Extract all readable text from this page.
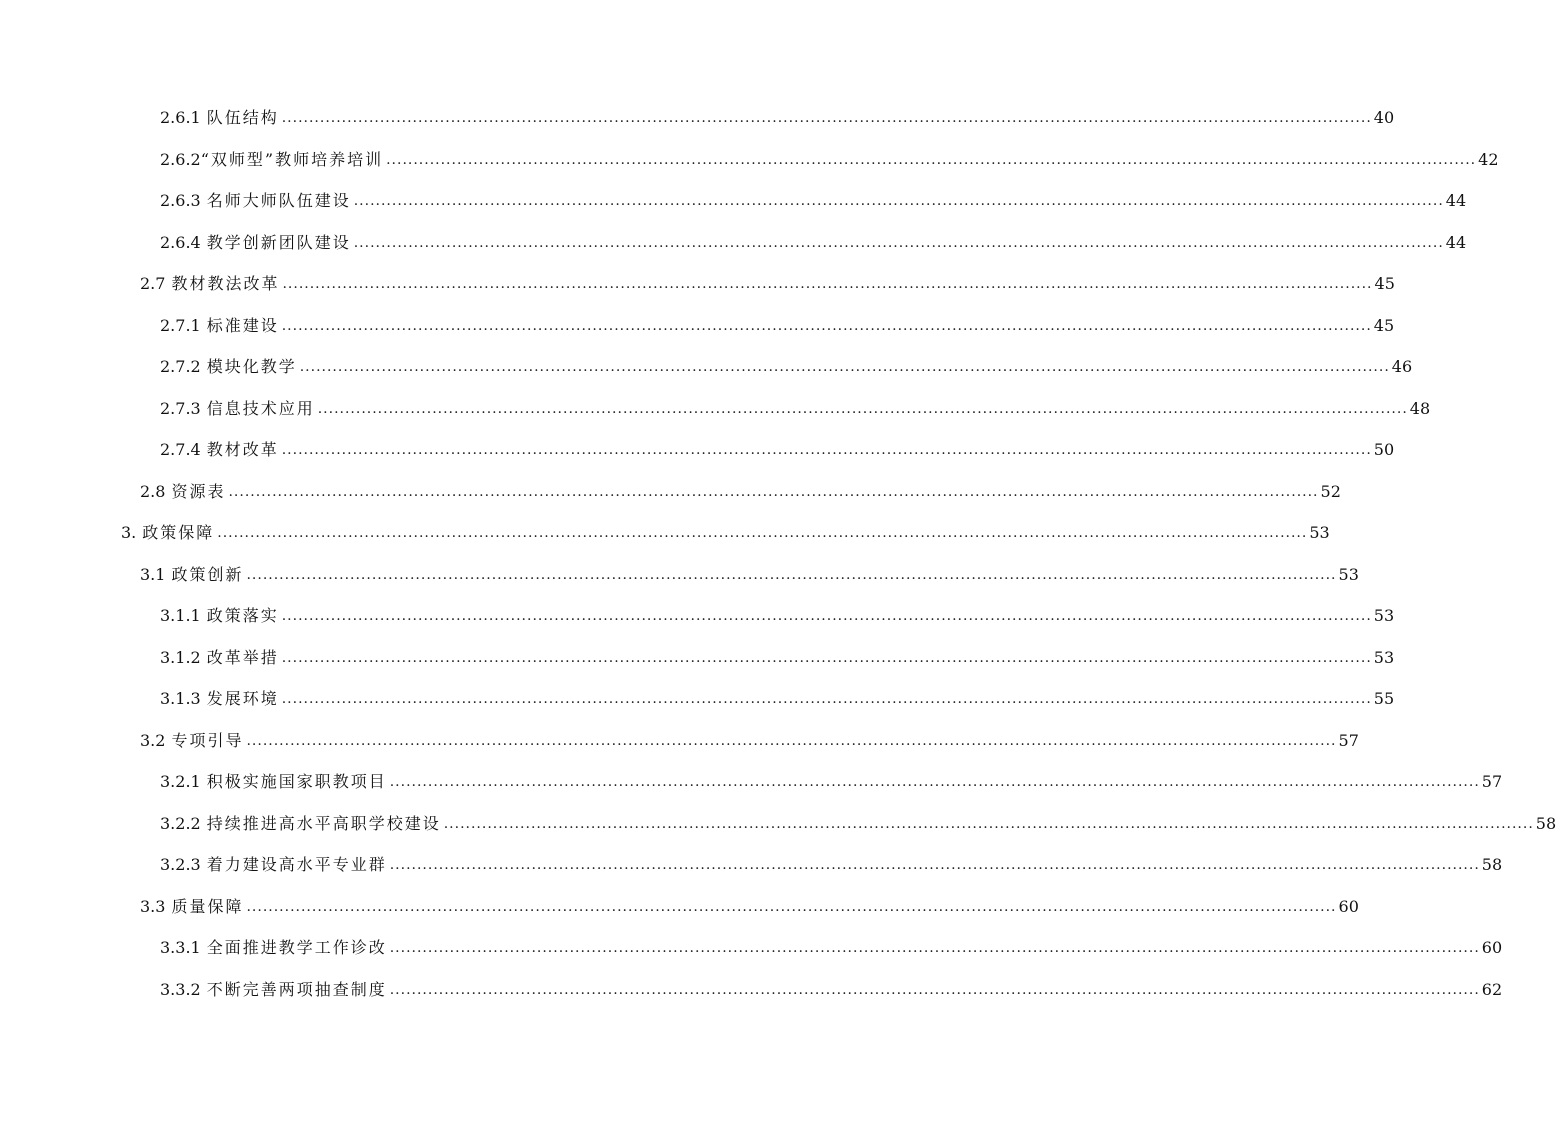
2.6.1 队伍结构 ........................................................................................................................................................................................................ 40
2.6.2 “双师型”教师培养培训 ........................................................................................................................................................................................................ 42
2.6.3 名师大师队伍建设 ........................................................................................................................................................................................................ 44
2.6.4 教学创新团队建设 ........................................................................................................................................................................................................ 44
2.7 教材教法改革 ........................................................................................................................................................................................................ 45
2.7.1 标准建设 ........................................................................................................................................................................................................ 45
2.7.2 模块化教学 ........................................................................................................................................................................................................ 46
2.7.3 信息技术应用 ........................................................................................................................................................................................................ 48
2.7.4 教材改革 ........................................................................................................................................................................................................ 50
2.8 资源表 ........................................................................................................................................................................................................ 52
3. 政策保障 ........................................................................................................................................................................................................ 53
3.1 政策创新 ........................................................................................................................................................................................................ 53
3.1.1 政策落实 ........................................................................................................................................................................................................ 53
3.1.2 改革举措 ........................................................................................................................................................................................................ 53
3.1.3 发展环境 ........................................................................................................................................................................................................ 55
3.2 专项引导 ........................................................................................................................................................................................................ 57
3.2.1 积极实施国家职教项目 ........................................................................................................................................................................................................ 57
3.2.2 持续推进高水平高职学校建设 ........................................................................................................................................................................................................ 58
3.2.3 着力建设高水平专业群 ........................................................................................................................................................................................................ 58
3.3 质量保障 ........................................................................................................................................................................................................ 60
3.3.1 全面推进教学工作诊改 ........................................................................................................................................................................................................ 60
3.3.2 不断完善两项抽查制度 ........................................................................................................................................................................................................ 62
